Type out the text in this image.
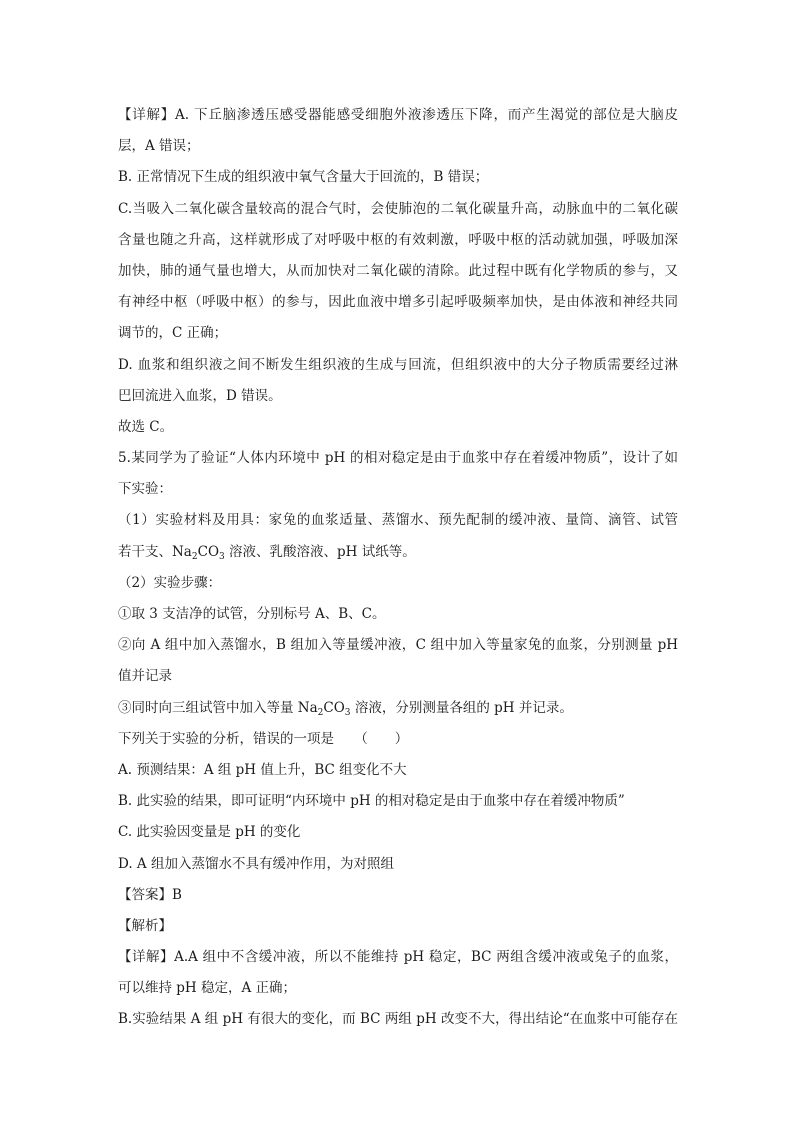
【详解】A. 下丘脑渗透压感受器能感受细胞外液渗透压下降，而产生渴觉的部位是大脑皮
层，A 错误；
B. 正常情况下生成的组织液中氧气含量大于回流的，B 错误；
C.当吸入二氧化碳含量较高的混合气时，会使肺泡的二氧化碳量升高，动脉血中的二氧化碳
含量也随之升高，这样就形成了对呼吸中枢的有效刺激，呼吸中枢的活动就加强，呼吸加深
加快，肺的通气量也增大，从而加快对二氧化碳的清除。此过程中既有化学物质的参与，又
有神经中枢（呼吸中枢）的参与，因此血液中增多引起呼吸频率加快，是由体液和神经共同
调节的，C 正确；
D. 血浆和组织液之间不断发生组织液的生成与回流，但组织液中的大分子物质需要经过淋
巴回流进入血浆，D 错误。
故选 C。
5.某同学为了验证“人体内环境中 pH 的相对稳定是由于血浆中存在着缓冲物质”，设计了如
下实验：
（1）实验材料及用具：家兔的血浆适量、蒸馏水、预先配制的缓冲液、量筒、滴管、试管
若干支、$Na_2CO_3$ 溶液、乳酸溶液、pH 试纸等。
（2）实验步骤：
①取 3 支洁净的试管，分别标号 A、B、C。
②向 A 组中加入蒸馏水，B 组加入等量缓冲液，C 组中加入等量家兔的血浆，分别测量 pH
值并记录
③同时向三组试管中加入等量 $Na_2CO_3$ 溶液，分别测量各组的 pH 并记录。
下列关于实验的分析，错误的一项是　　（　　）
A. 预测结果：A 组 pH 值上升，BC 组变化不大
B. 此实验的结果，即可证明“内环境中 pH 的相对稳定是由于血浆中存在着缓冲物质”
C. 此实验因变量是 pH 的变化
D. A 组加入蒸馏水不具有缓冲作用，为对照组
【答案】B
【解析】
【详解】A.A 组中不含缓冲液，所以不能维持 pH 稳定，BC 两组含缓冲液或兔子的血浆，
可以维持 pH 稳定，A 正确；
B.实验结果 A 组 pH 有很大的变化，而 BC 两组 pH 改变不大，得出结论“在血浆中可能存在
